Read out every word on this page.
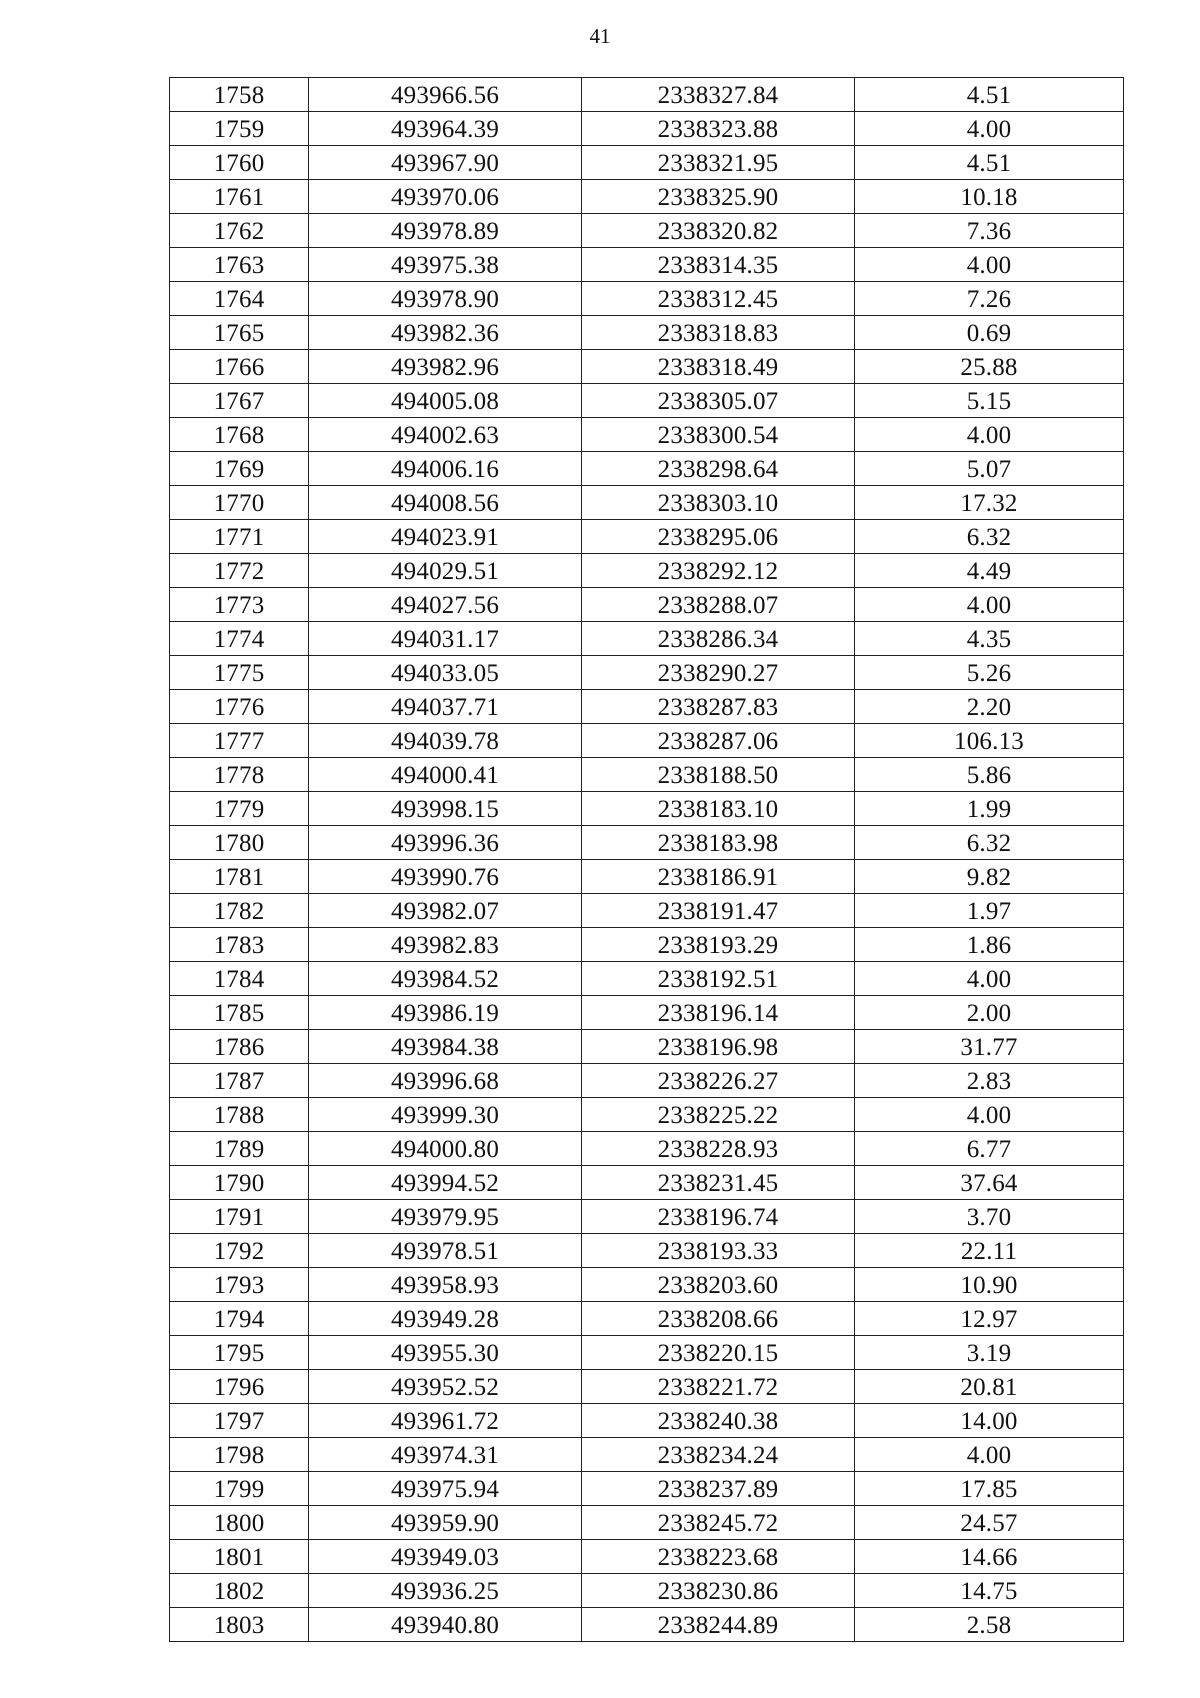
41
1758	493966.56	2338327.84	4.51
1759	493964.39	2338323.88	4.00
1760	493967.90	2338321.95	4.51
1761	493970.06	2338325.90	10.18
1762	493978.89	2338320.82	7.36
1763	493975.38	2338314.35	4.00
1764	493978.90	2338312.45	7.26
1765	493982.36	2338318.83	0.69
1766	493982.96	2338318.49	25.88
1767	494005.08	2338305.07	5.15
1768	494002.63	2338300.54	4.00
1769	494006.16	2338298.64	5.07
1770	494008.56	2338303.10	17.32
1771	494023.91	2338295.06	6.32
1772	494029.51	2338292.12	4.49
1773	494027.56	2338288.07	4.00
1774	494031.17	2338286.34	4.35
1775	494033.05	2338290.27	5.26
1776	494037.71	2338287.83	2.20
1777	494039.78	2338287.06	106.13
1778	494000.41	2338188.50	5.86
1779	493998.15	2338183.10	1.99
1780	493996.36	2338183.98	6.32
1781	493990.76	2338186.91	9.82
1782	493982.07	2338191.47	1.97
1783	493982.83	2338193.29	1.86
1784	493984.52	2338192.51	4.00
1785	493986.19	2338196.14	2.00
1786	493984.38	2338196.98	31.77
1787	493996.68	2338226.27	2.83
1788	493999.30	2338225.22	4.00
1789	494000.80	2338228.93	6.77
1790	493994.52	2338231.45	37.64
1791	493979.95	2338196.74	3.70
1792	493978.51	2338193.33	22.11
1793	493958.93	2338203.60	10.90
1794	493949.28	2338208.66	12.97
1795	493955.30	2338220.15	3.19
1796	493952.52	2338221.72	20.81
1797	493961.72	2338240.38	14.00
1798	493974.31	2338234.24	4.00
1799	493975.94	2338237.89	17.85
1800	493959.90	2338245.72	24.57
1801	493949.03	2338223.68	14.66
1802	493936.25	2338230.86	14.75
1803	493940.80	2338244.89	2.58
